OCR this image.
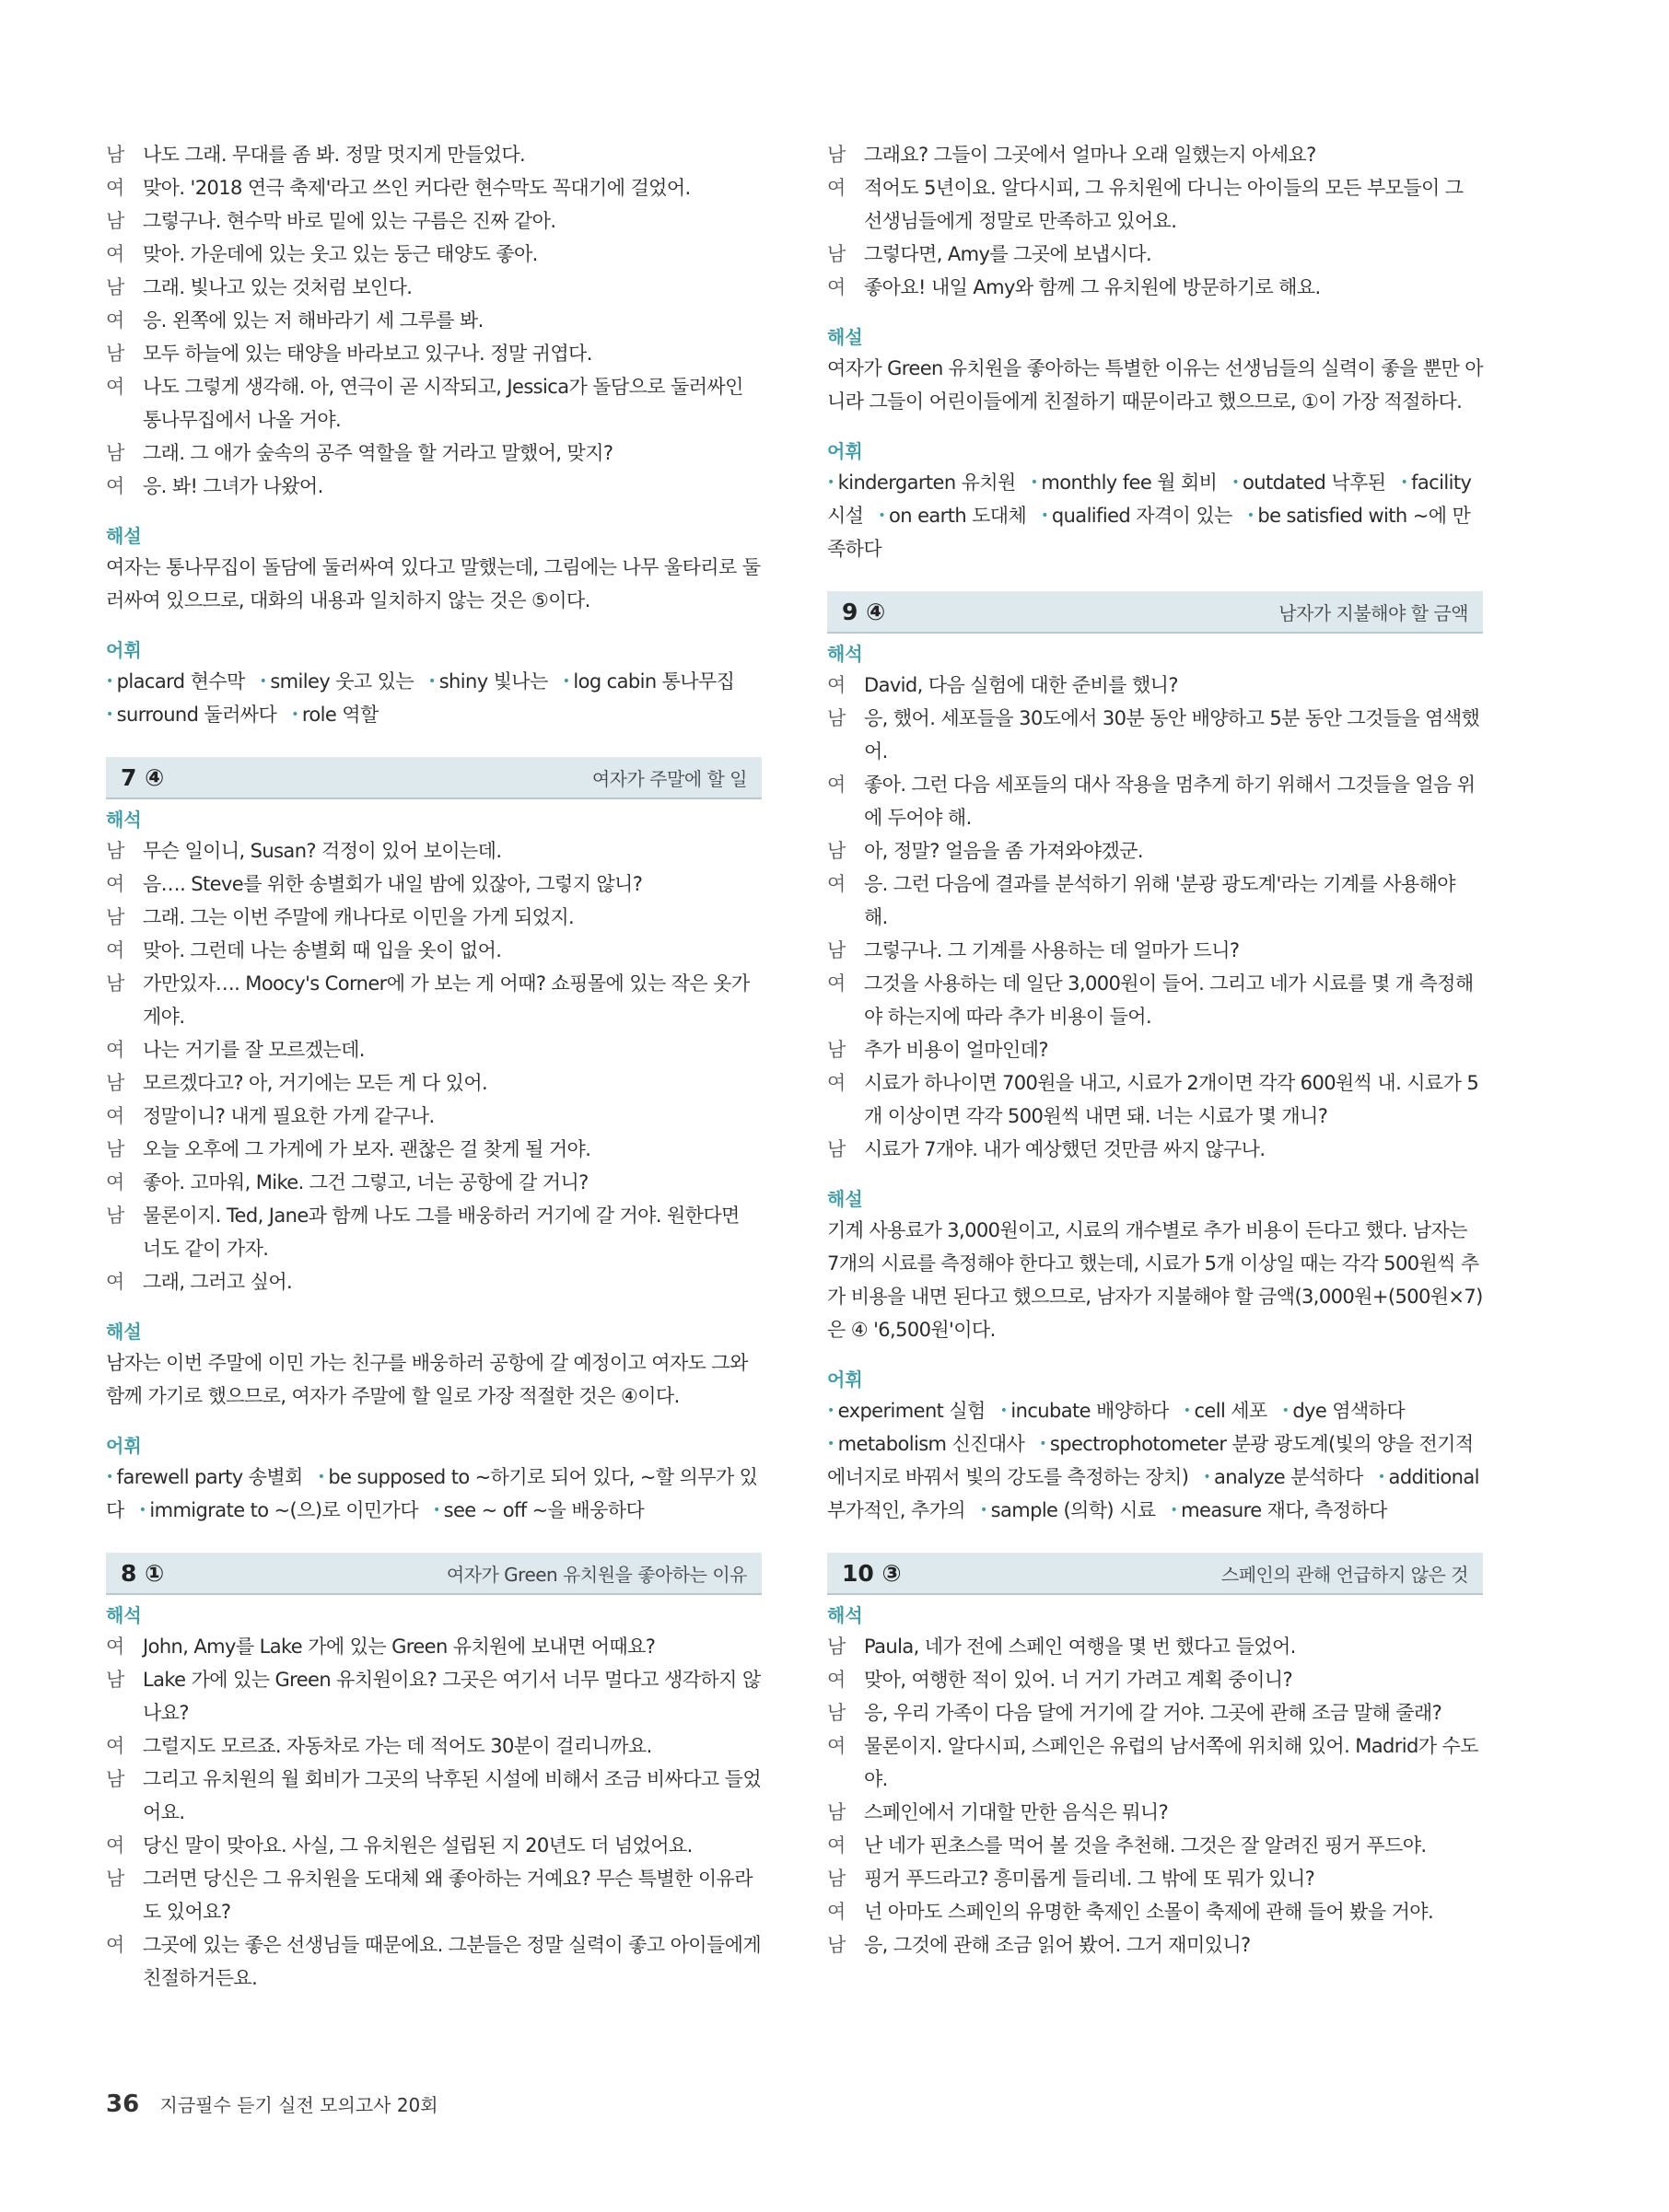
남 나도 그래. 무대를 좀 봐. 정말 멋지게 만들었다.
여 맞아. '2018 연극 축제'라고 쓰인 커다란 현수막도 꼭대기에 걸었어.
남 그렇구나. 현수막 바로 밑에 있는 구름은 진짜 같아.
여 맞아. 가운데에 있는 웃고 있는 둥근 태양도 좋아.
남 그래. 빛나고 있는 것처럼 보인다.
여 응. 왼쪽에 있는 저 해바라기 세 그루를 봐.
남 모두 하늘에 있는 태양을 바라보고 있구나. 정말 귀엽다.
여 나도 그렇게 생각해. 아, 연극이 곧 시작되고, Jessica가 돌담으로 둘러싸인 통나무집에서 나올 거야.
남 그래. 그 애가 숲속의 공주 역할을 할 거라고 말했어, 맞지?
여 응. 봐! 그녀가 나왔어.
해설

여자는 통나무집이 돌담에 둘러싸여 있다고 말했는데, 그림에는 나무 울타리로 둘러싸여 있으므로, 대화의 내용과 일치하지 않는 것은 ⑤이다.

어휘

• placard 현수막 • smiley 웃고 있는 • shiny 빛나는 • log cabin 통나무집• surround 둘러싸다 • role 역할

7 ④	여자가 주말에 할 일
해석
남 무슨 일이니, Susan? 걱정이 있어 보이는데.
여 음…. Steve를 위한 송별회가 내일 밤에 있잖아, 그렇지 않니?
남 그래. 그는 이번 주말에 캐나다로 이민을 가게 되었지.
여 맞아. 그런데 나는 송별회 때 입을 옷이 없어.
남 가만있자…. Moocy's Corner에 가 보는 게 어때? 쇼핑몰에 있는 작은 옷가게야.
여 나는 거기를 잘 모르겠는데.
남 모르겠다고? 아, 거기에는 모든 게 다 있어.
여 정말이니? 내게 필요한 가게 같구나.
남 오늘 오후에 그 가게에 가 보자. 괜찮은 걸 찾게 될 거야.
여 좋아. 고마워, Mike. 그건 그렇고, 너는 공항에 갈 거니?
남 물론이지. Ted, Jane과 함께 나도 그를 배웅하러 거기에 갈 거야. 원한다면 너도 같이 가자.
여 그래, 그러고 싶어.
해설

남자는 이번 주말에 이민 가는 친구를 배웅하러 공항에 갈 예정이고 여자도 그와 함께 가기로 했으므로, 여자가 주말에 할 일로 가장 적절한 것은 ④이다.

어휘

• farewell party 송별회 • be supposed to ~하기로 되어 있다, ~할 의무가 있다 • immigrate to ~(으)로 이민가다 • see ~ off ~을 배웅하다

8 ①	여자가 Green 유치원을 좋아하는 이유
해석
여 John, Amy를 Lake 가에 있는 Green 유치원에 보내면 어때요?
남 Lake 가에 있는 Green 유치원이요? 그곳은 여기서 너무 멀다고 생각하지 않나요?
여 그럴지도 모르죠. 자동차로 가는 데 적어도 30분이 걸리니까요.
남 그리고 유치원의 월 회비가 그곳의 낙후된 시설에 비해서 조금 비싸다고 들었어요.
여 당신 말이 맞아요. 사실, 그 유치원은 설립된 지 20년도 더 넘었어요.
남 그러면 당신은 그 유치원을 도대체 왜 좋아하는 거예요? 무슨 특별한 이유라도 있어요?
여 그곳에 있는 좋은 선생님들 때문에요. 그분들은 정말 실력이 좋고 아이들에게 친절하거든요.
남 그래요? 그들이 그곳에서 얼마나 오래 일했는지 아세요?
여 적어도 5년이요. 알다시피, 그 유치원에 다니는 아이들의 모든 부모들이 그 선생님들에게 정말로 만족하고 있어요.
남 그렇다면, Amy를 그곳에 보냅시다.
여 좋아요! 내일 Amy와 함께 그 유치원에 방문하기로 해요.
해설

여자가 Green 유치원을 좋아하는 특별한 이유는 선생님들의 실력이 좋을 뿐만 아니라 그들이 어린이들에게 친절하기 때문이라고 했으므로, ①이 가장 적절하다.

어휘

• kindergarten 유치원 • monthly fee 월 회비 • outdated 낙후된 • facility 시설 • on earth 도대체 • qualified 자격이 있는 • be satisfied with ~에 만족하다

9 ④	남자가 지불해야 할 금액
해석
여 David, 다음 실험에 대한 준비를 했니?
남 응, 했어. 세포들을 30도에서 30분 동안 배양하고 5분 동안 그것들을 염색했어.
여 좋아. 그런 다음 세포들의 대사 작용을 멈추게 하기 위해서 그것들을 얼음 위에 두어야 해.
남 아, 정말? 얼음을 좀 가져와야겠군.
여 응. 그런 다음에 결과를 분석하기 위해 '분광 광도계'라는 기계를 사용해야 해.
남 그렇구나. 그 기계를 사용하는 데 얼마가 드니?
여 그것을 사용하는 데 일단 3,000원이 들어. 그리고 네가 시료를 몇 개 측정해야 하는지에 따라 추가 비용이 들어.
남 추가 비용이 얼마인데?
여 시료가 하나이면 700원을 내고, 시료가 2개이면 각각 600원씩 내. 시료가 5개 이상이면 각각 500원씩 내면 돼. 너는 시료가 몇 개니?
남 시료가 7개야. 내가 예상했던 것만큼 싸지 않구나.
해설

기계 사용료가 3,000원이고, 시료의 개수별로 추가 비용이 든다고 했다. 남자는 7개의 시료를 측정해야 한다고 했는데, 시료가 5개 이상일 때는 각각 500원씩 추가 비용을 내면 된다고 했으므로, 남자가 지불해야 할 금액(3,000원+(500원×7)은 ④ '6,500원'이다.

어휘

• experiment 실험 • incubate 배양하다 • cell 세포 • dye 염색하다• metabolism 신진대사 • spectrophotometer 분광 광도계(빛의 양을 전기적 에너지로 바꿔서 빛의 강도를 측정하는 장치) • analyze 분석하다 • additional 부가적인, 추가의 • sample (의학) 시료 • measure 재다, 측정하다

10 ③	스페인의 관해 언급하지 않은 것
해석
남 Paula, 네가 전에 스페인 여행을 몇 번 했다고 들었어.
여 맞아, 여행한 적이 있어. 너 거기 가려고 계획 중이니?
남 응, 우리 가족이 다음 달에 거기에 갈 거야. 그곳에 관해 조금 말해 줄래?
여 물론이지. 알다시피, 스페인은 유럽의 남서쪽에 위치해 있어. Madrid가 수도야.
남 스페인에서 기대할 만한 음식은 뭐니?
여 난 네가 핀초스를 먹어 볼 것을 추천해. 그것은 잘 알려진 핑거 푸드야.
남 핑거 푸드라고? 흥미롭게 들리네. 그 밖에 또 뭐가 있니?
여 넌 아마도 스페인의 유명한 축제인 소몰이 축제에 관해 들어 봤을 거야.
남 응, 그것에 관해 조금 읽어 봤어. 그거 재미있니?
36 지금필수 듣기 실전 모의고사 20회
